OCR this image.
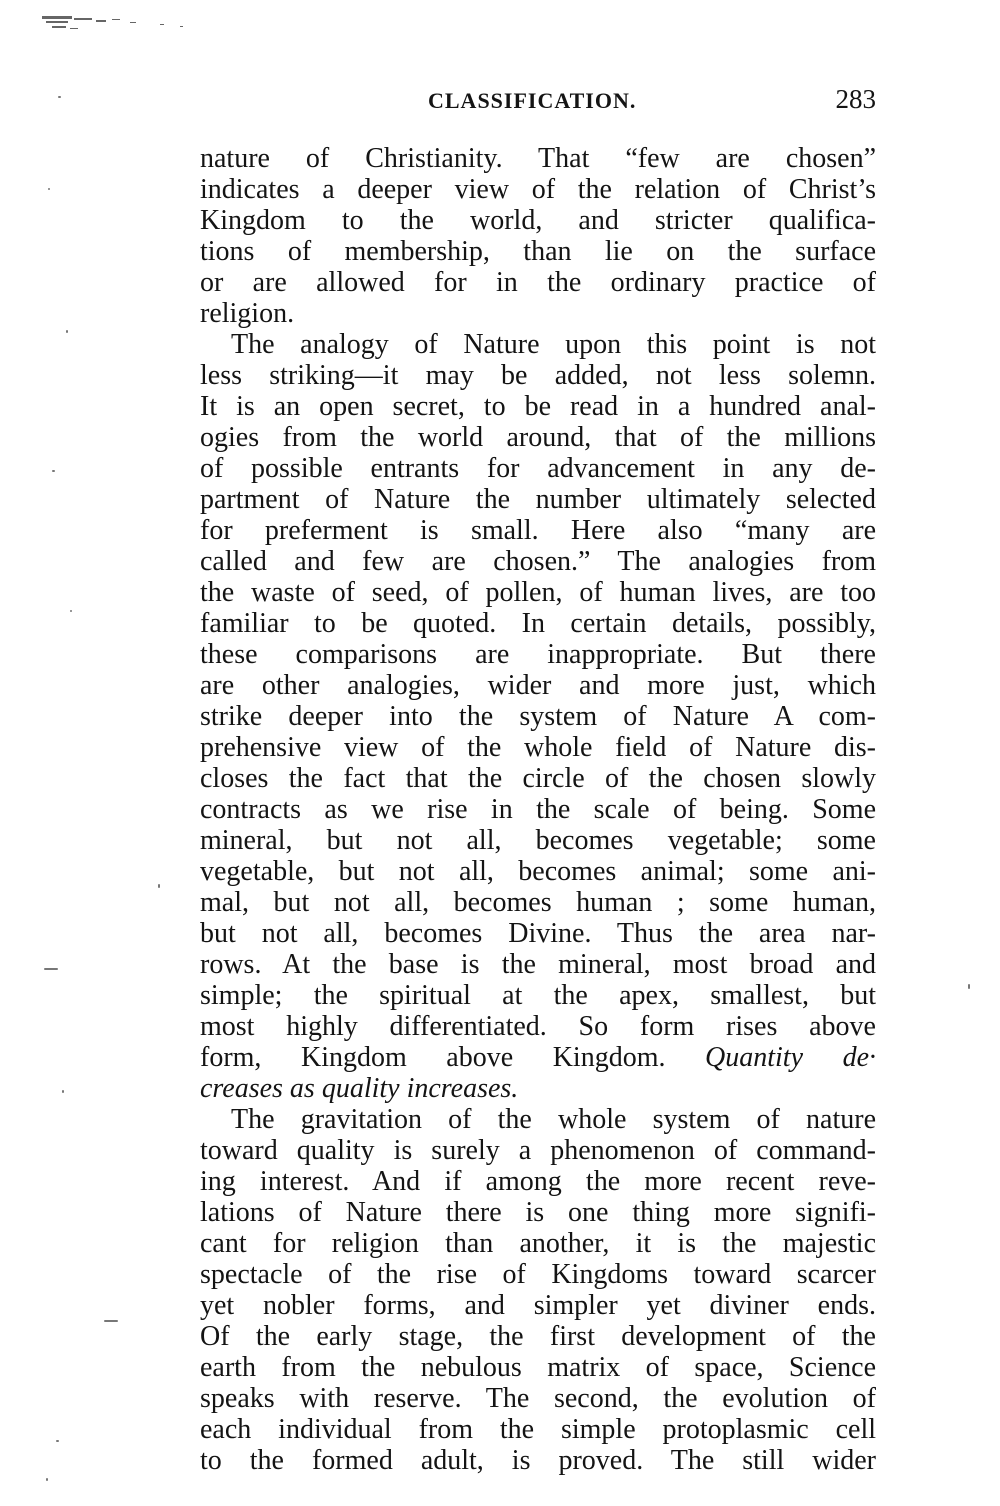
CLASSIFICATION.	283
nature of Christianity. That “few are chosen”
indicates a deeper view of the relation of Christ’s
Kingdom to the world, and stricter qualifica-
tions of membership, than lie on the surface
or are allowed for in the ordinary practice of
religion.
The analogy of Nature upon this point is not
less striking—it may be added, not less solemn.
It is an open secret, to be read in a hundred anal-
ogies from the world around, that of the millions
of possible entrants for advancement in any de-
partment of Nature the number ultimately selected
for preferment is small. Here also “many are
called and few are chosen.” The analogies from
the waste of seed, of pollen, of human lives, are too
familiar to be quoted. In certain details, possibly,
these comparisons are inappropriate. But there
are other analogies, wider and more just, which
strike deeper into the system of Nature A com-
prehensive view of the whole field of Nature dis-
closes the fact that the circle of the chosen slowly
contracts as we rise in the scale of being. Some
mineral, but not all, becomes vegetable; some
vegetable, but not all, becomes animal; some ani-
mal, but not all, becomes human ; some human,
but not all, becomes Divine. Thus the area nar-
rows. At the base is the mineral, most broad and
simple; the spiritual at the apex, smallest, but
most highly differentiated. So form rises above
form, Kingdom above Kingdom. Quantity de·
creases as quality increases.
The gravitation of the whole system of nature
toward quality is surely a phenomenon of command-
ing interest. And if among the more recent reve-
lations of Nature there is one thing more signifi-
cant for religion than another, it is the majestic
spectacle of the rise of Kingdoms toward scarcer
yet nobler forms, and simpler yet diviner ends.
Of the early stage, the first development of the
earth from the nebulous matrix of space, Science
speaks with reserve. The second, the evolution of
each individual from the simple protoplasmic cell
to the formed adult, is proved. The still wider
